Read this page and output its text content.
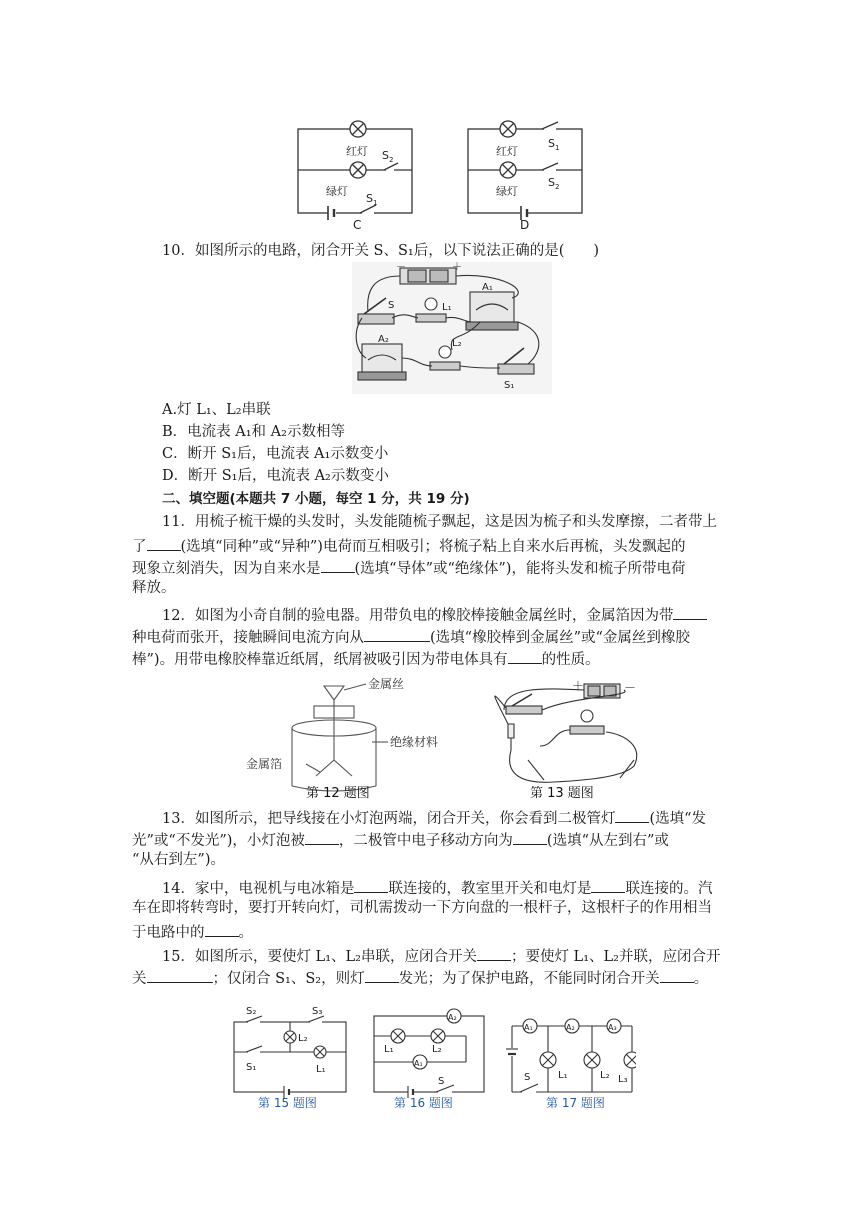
红灯
绿灯
$S_2$
$S_1$
C
红灯
绿灯
$S_1$
$S_2$
D
10．如图所示的电路，闭合开关 S、S₁后，以下说法正确的是(　　)
－	＋
S	L₁
A₁
A₂	L₂
S₁
A.灯 L₁、L₂串联
B．电流表 A₁和 A₂示数相等
C．断开 S₁后，电流表 A₁示数变小
D．断开 S₁后，电流表 A₂示数变小
二、填空题(本题共 7 小题，每空 1 分，共 19 分)
11．用梳子梳干燥的头发时，头发能随梳子飘起，这是因为梳子和头发摩擦，二者带上
了 (选填“同种”或“异种”)电荷而互相吸引；将梳子粘上自来水后再梳，头发飘起的
现象立刻消失，因为自来水是 (选填“导体”或“绝缘体”)，能将头发和梳子所带电荷
释放。
12．如图为小奇自制的验电器。用带负电的橡胶棒接触金属丝时，金属箔因为带
种电荷而张开，接触瞬间电流方向从	(选填“橡胶棒到金属丝”或“金属丝到橡胶
棒”)。用带电橡胶棒靠近纸屑，纸屑被吸引因为带电体具有 的性质。
金属丝
绝缘材料
金属箔
第 12 题图
＋	－
第 13 题图
13．如图所示，把导线接在小灯泡两端，闭合开关，你会看到二极管灯 (选填“发
光”或“不发光”)，小灯泡被 ，二极管中电子移动方向为 (选填“从左到右”或
“从右到左”)。
14．家中，电视机与电冰箱是 联连接的，教室里开关和电灯是 联连接的。汽
车在即将转弯时，要打开转向灯，司机需拨动一下方向盘的一根杆子，这根杆子的作用相当
于电路中的 。
15．如图所示，要使灯 L₁、L₂串联，应闭合开关 ；要使灯 L₁、L₂并联，应闭合开
关	；仅闭合 S₁、S₂，则灯 发光；为了保护电路，不能同时闭合开关 。
S₂	S₃
L₂
S₁	L₁
A₂
L₁	L₂
A₁
S
A₁	A₂	A₃
S	L₁	L₂ L₃
第 15 题图	第 16 题图	第 17 题图
